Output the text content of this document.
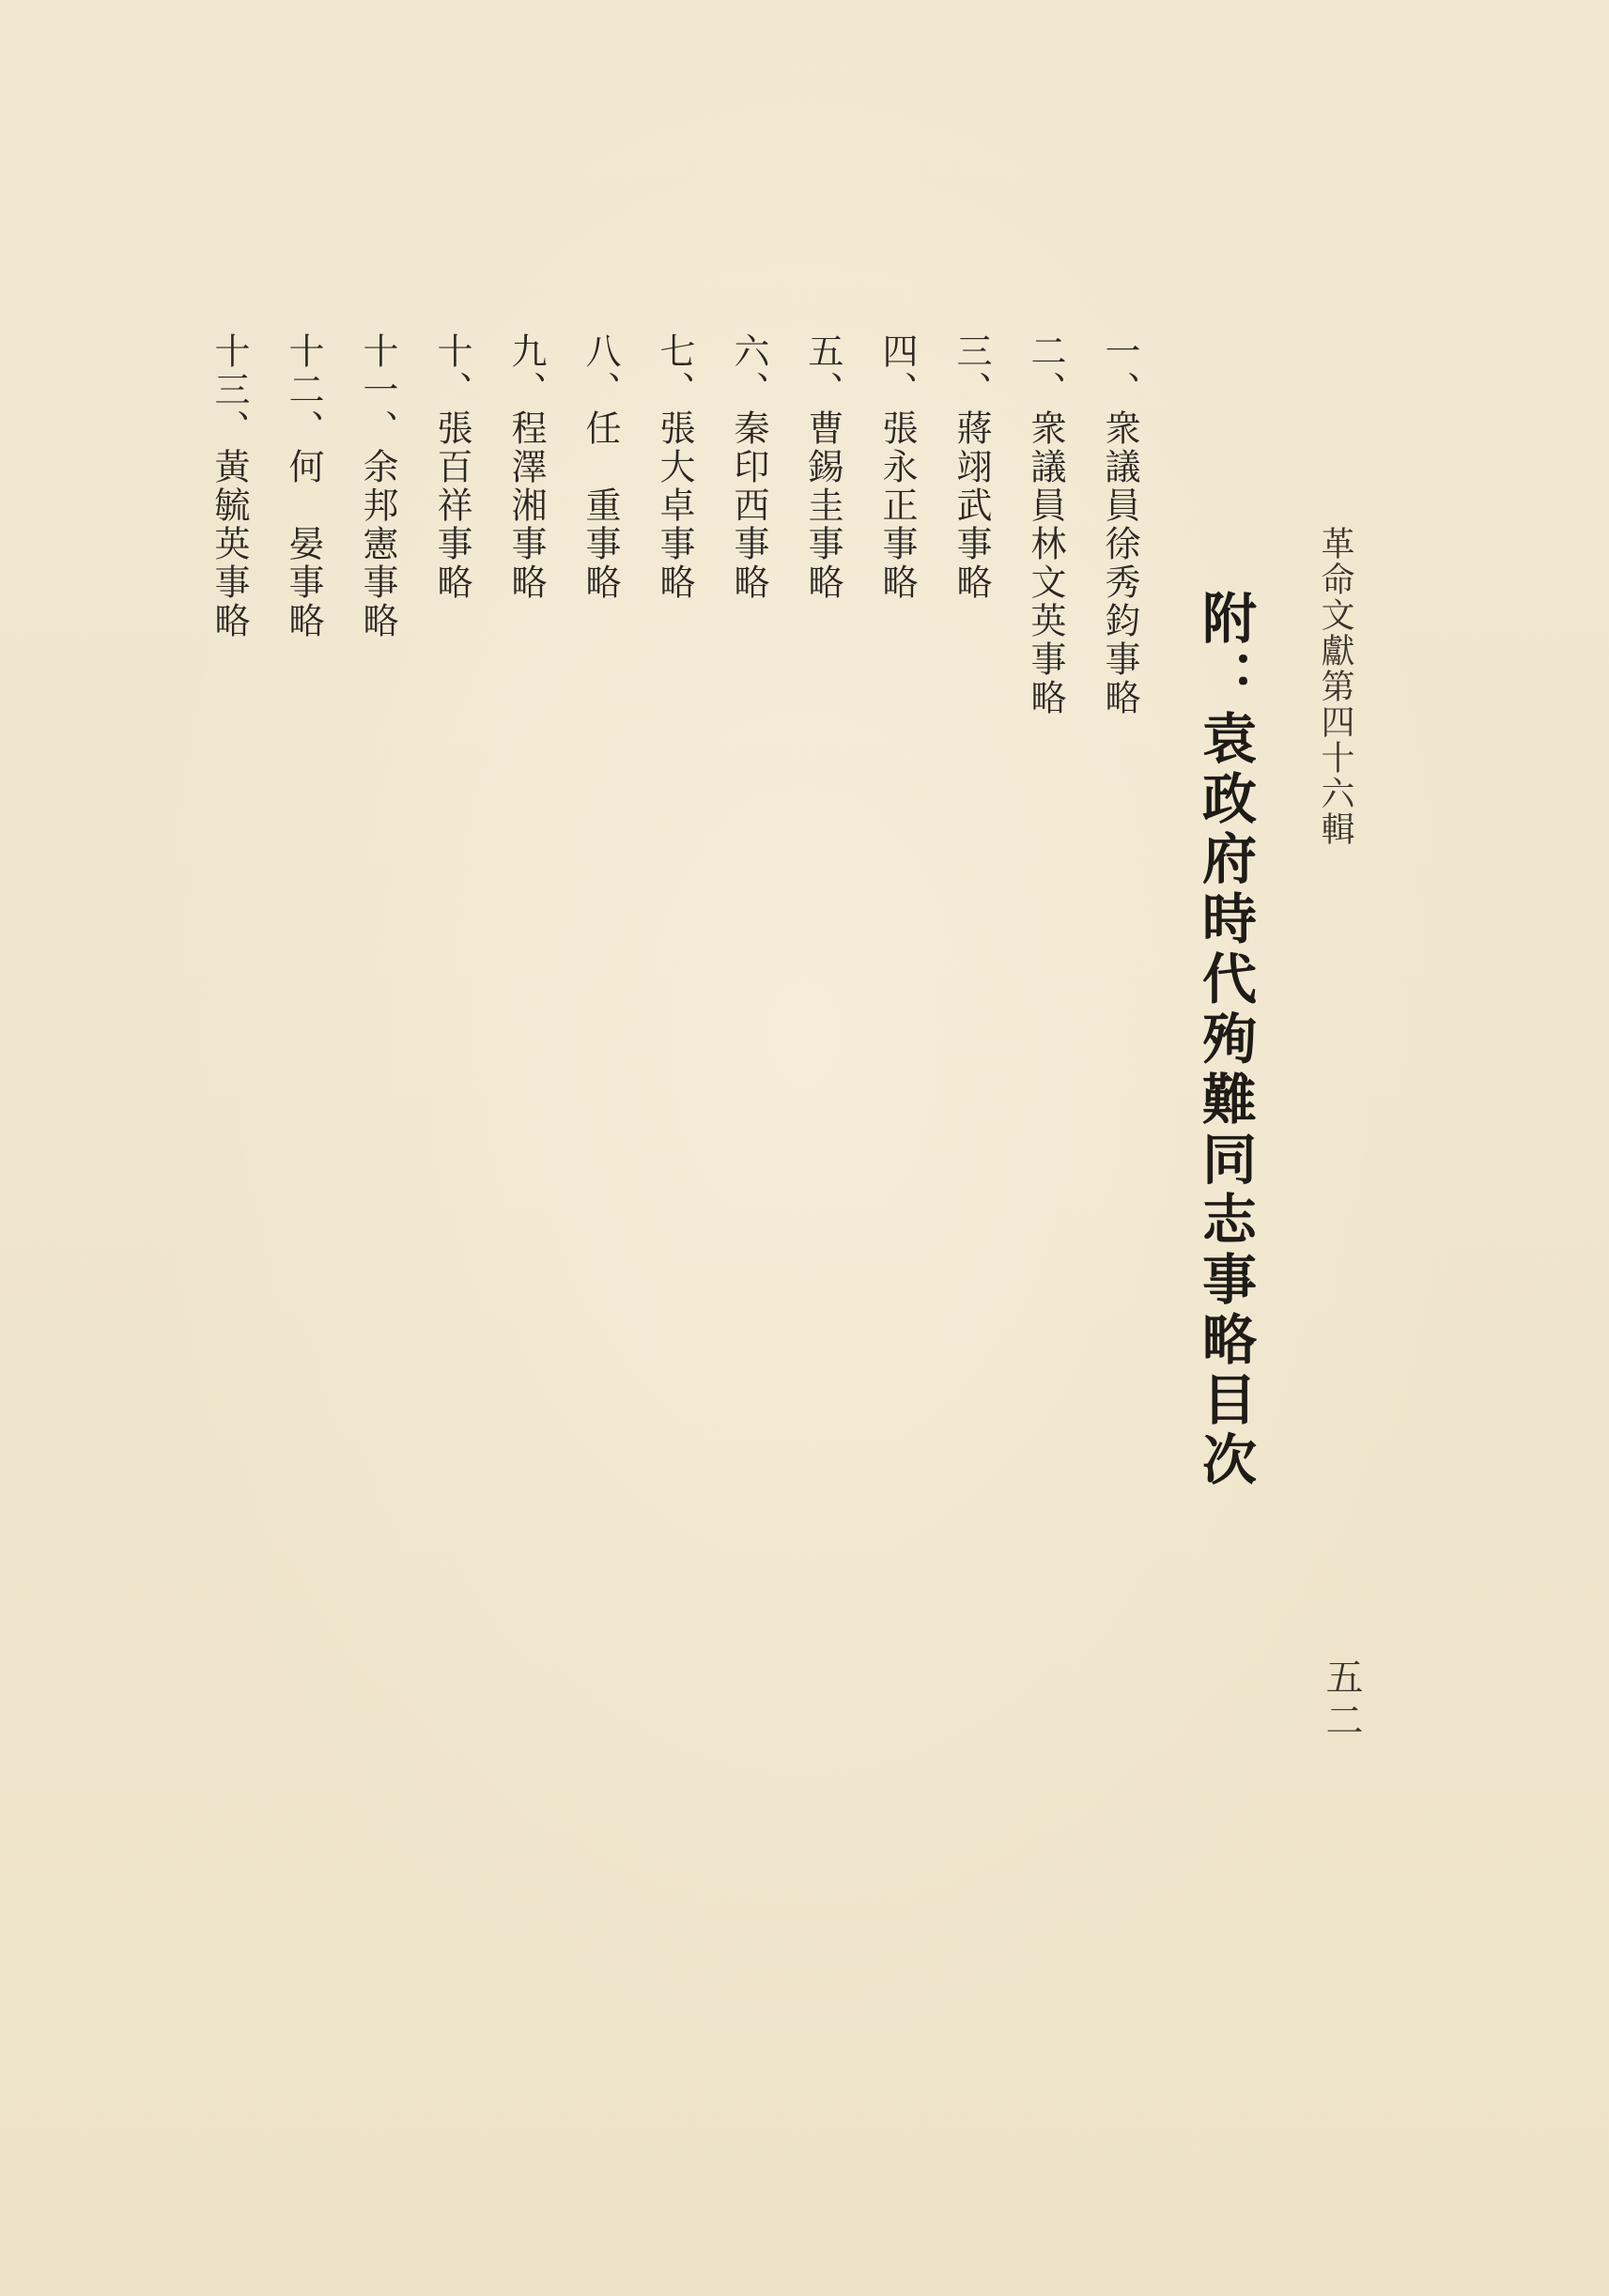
革命文獻第四十六輯
五二
附：袁政府時代殉難同志事略目次
一、衆議員徐秀鈞事略
二、衆議員林文英事略
三、蔣翊武事略
四、張永正事略
五、曹錫圭事略
六、秦印西事略
七、張大卓事略
八、任　重事略
九、程澤湘事略
十、張百祥事略
十一、余邦憲事略
十二、何　晏事略
十三、黃毓英事略
